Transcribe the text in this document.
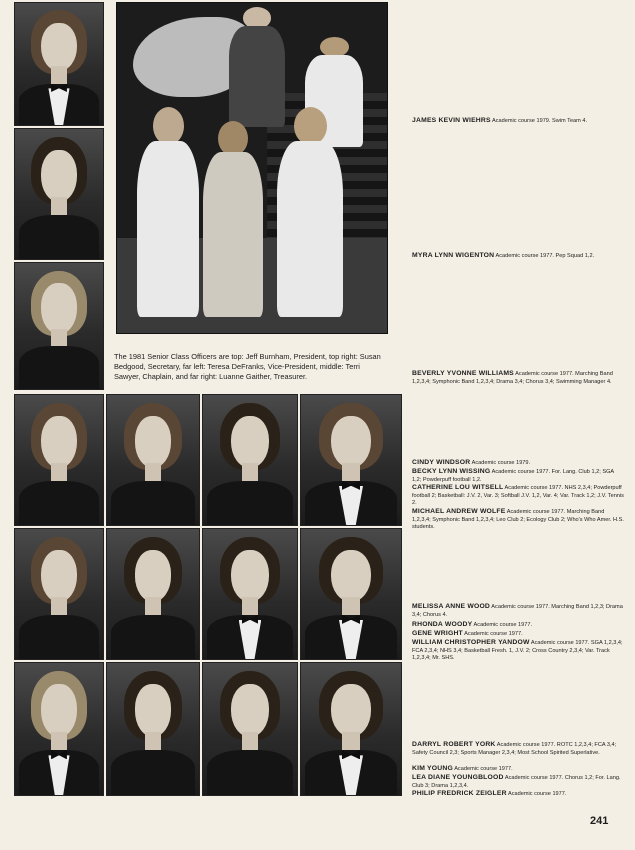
The 1981 Senior Class Officers are top: Jeff Burnham, President, top right: Susan Bedgood, Secretary, far left: Teresa DeFranks, Vice-President, middle: Terri Sawyer, Chaplain, and far right: Luanne Gaither, Treasurer.
JAMES KEVIN WIEHRS Academic course 1979. Swim Team 4.
MYRA LYNN WIGENTON Academic course 1977. Pep Squad 1,2.
BEVERLY YVONNE WILLIAMS Academic course 1977. Marching Band 1,2,3,4; Symphonic Band 1,2,3,4; Drama 3,4; Chorus 3,4; Swimming Manager 4.
CINDY WINDSOR Academic course 1979.
BECKY LYNN WISSING Academic course 1977. For. Lang. Club 1,2; SGA 1,2; Powderpuff football 1,2.
CATHERINE LOU WITSELL Academic course 1977. NHS 2,3,4; Powderpuff football 2; Basketball: J.V. 2, Var. 3; Softball J.V. 1,2, Var. 4; Var. Track 1,2; J.V. Tennis 2.
MICHAEL ANDREW WOLFE Academic course 1977. Marching Band 1,2,3,4; Symphonic Band 1,2,3,4; Leo Club 2; Ecology Club 2; Who's Who Amer. H.S. students.
MELISSA ANNE WOOD Academic course 1977. Marching Band 1,2,3; Drama 3,4; Chorus 4.
RHONDA WOODY Academic course 1977.
GENE WRIGHT Academic course 1977.
WILLIAM CHRISTOPHER YANDOW Academic course 1977. SGA 1,2,3,4; FCA 2,3,4; NHS 3,4; Basketball Fresh. 1, J.V. 2; Cross Country 2,3,4; Var. Track 1,2,3,4; Mr. SHS.
DARRYL ROBERT YORK Academic course 1977. ROTC 1,2,3,4; FCA 3,4; Safety Council 2,3; Sports Manager 2,3,4; Most School Spirited Superlative.
KIM YOUNG Academic course 1977.
LEA DIANE YOUNGBLOOD Academic course 1977. Chorus 1,2; For. Lang. Club 3; Drama 1,2,3,4.
PHILIP FREDRICK ZEIGLER Academic course 1977.
241
